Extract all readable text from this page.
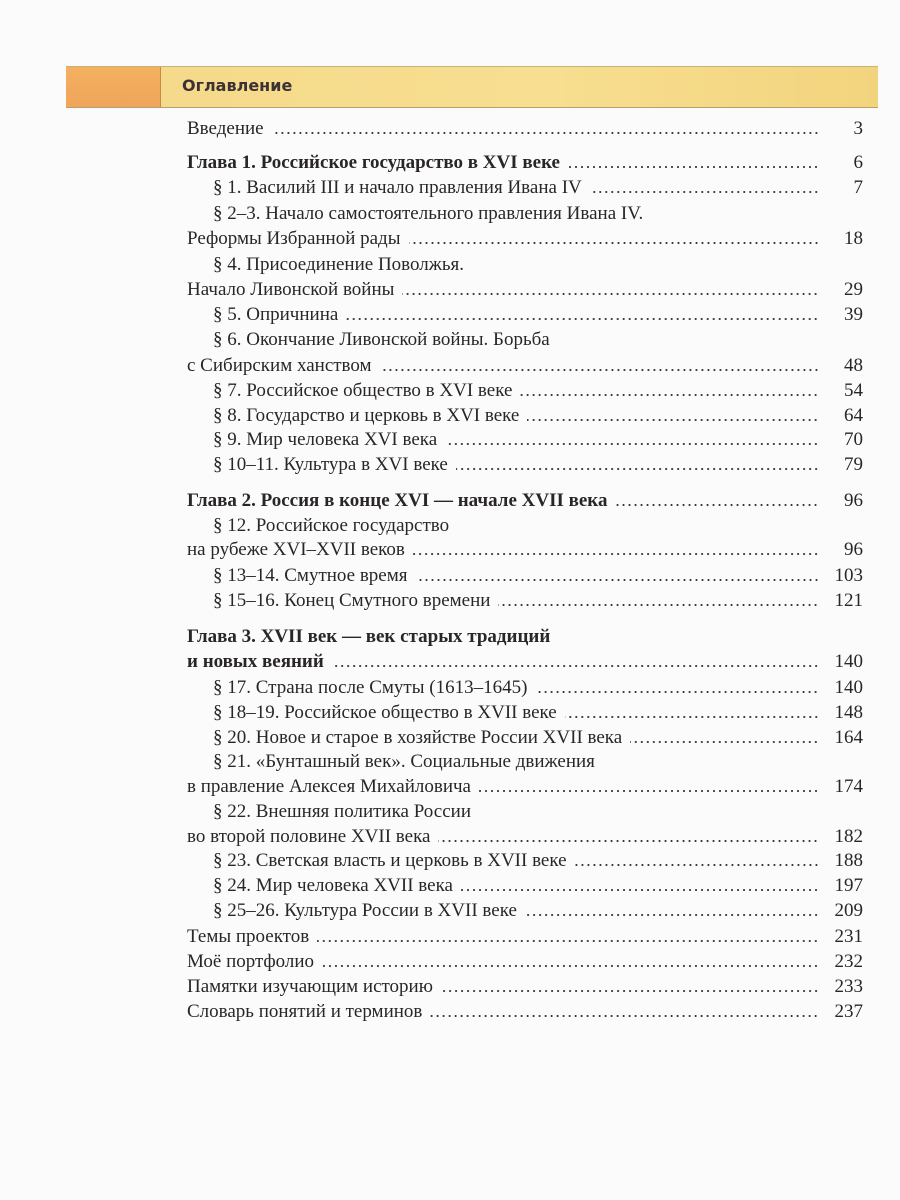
Оглавление
Введение	3
Глава 1. Российское государство в XVI веке	6
§ 1. Василий III и начало правления Ивана IV	7
§ 2–3. Начало самостоятельного правления Ивана IV.
Реформы Избранной рады	18
§ 4. Присоединение Поволжья.
Начало Ливонской войны	29
§ 5. Опричнина	39
§ 6. Окончание Ливонской войны. Борьба
с Сибирским ханством	48
§ 7. Российское общество в XVI веке	54
§ 8. Государство и церковь в XVI веке	64
§ 9. Мир человека XVI века	70
§ 10–11. Культура в XVI веке	79
Глава 2. Россия в конце XVI — начале XVII века	96
§ 12. Российское государство
на рубеже XVI–XVII веков	96
§ 13–14. Смутное время	103
§ 15–16. Конец Смутного времени	121
Глава 3. XVII век — век старых традиций
и новых веяний	140
§ 17. Страна после Смуты (1613–1645)	140
§ 18–19. Российское общество в XVII веке	148
§ 20. Новое и старое в хозяйстве России XVII века	164
§ 21. «Бунташный век». Социальные движения
в правление Алексея Михайловича	174
§ 22. Внешняя политика России
во второй половине XVII века	182
§ 23. Светская власть и церковь в XVII веке	188
§ 24. Мир человека XVII века	197
§ 25–26. Культура России в XVII веке	209
Темы проектов	231
Моё портфолио	232
Памятки изучающим историю	233
Словарь понятий и терминов	237
